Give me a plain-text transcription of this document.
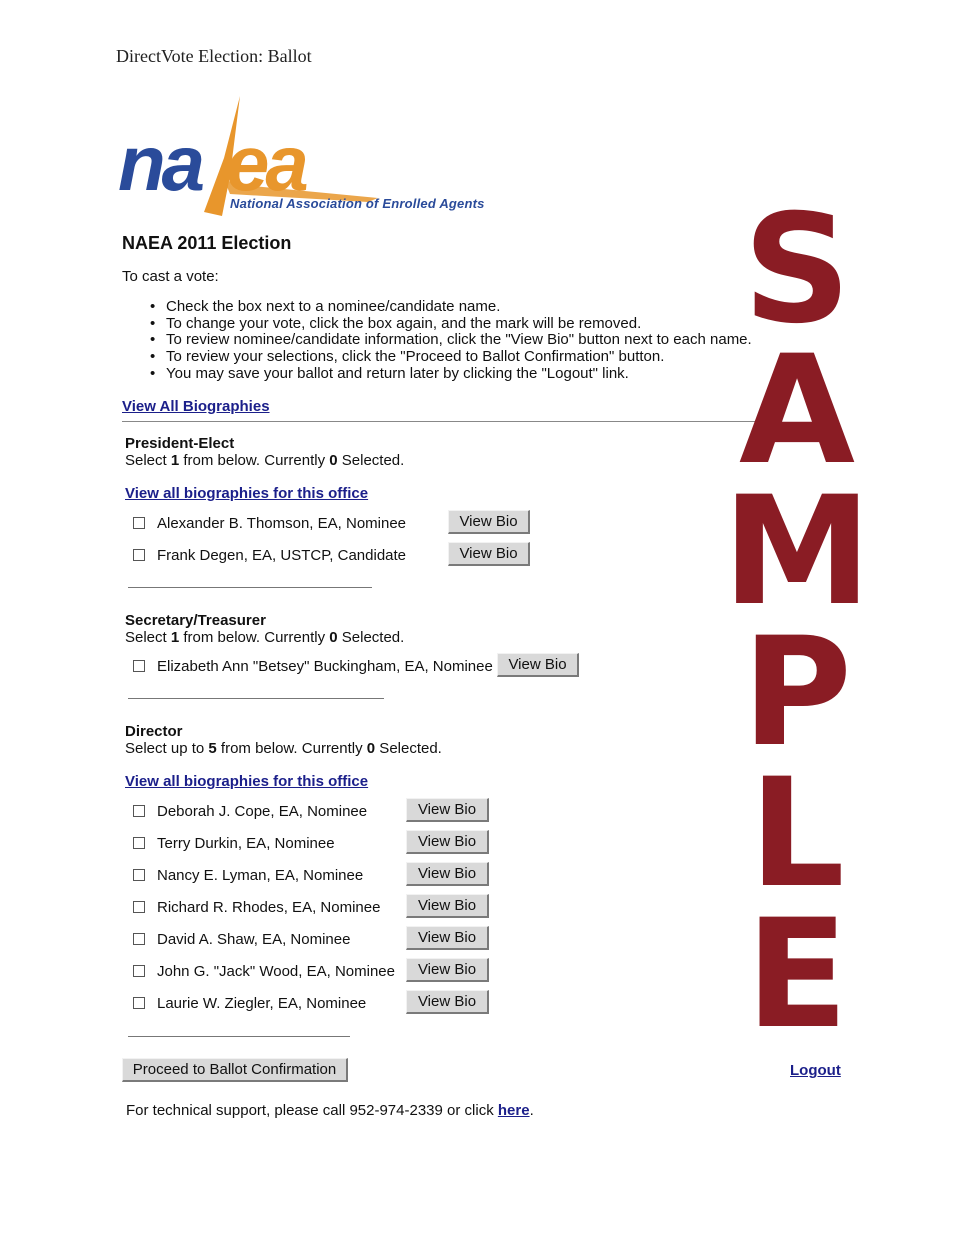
DirectVote Election: Ballot
na ea
National Association of Enrolled Agents
NAEA 2011 Election
To cast a vote:
• Check the box next to a nominee/candidate name.
• To change your vote, click the box again, and the mark will be removed.
• To review nominee/candidate information, click the "View Bio" button next to each name.
• To review your selections, click the "Proceed to Ballot Confirmation" button.
• You may save your ballot and return later by clicking the "Logout" link.
View All Biographies
President-Elect
Select 1 from below. Currently 0 Selected.
View all biographies for this office
Alexander B. Thomson, EA, Nominee	View Bio
Frank Degen, EA, USTCP, Candidate	View Bio
Secretary/Treasurer
Select 1 from below. Currently 0 Selected.
Elizabeth Ann "Betsey" Buckingham, EA, Nominee	View Bio
Director
Select up to 5 from below. Currently 0 Selected.
View all biographies for this office
Deborah J. Cope, EA, Nominee	View Bio
Terry Durkin, EA, Nominee	View Bio
Nancy E. Lyman, EA, Nominee	View Bio
Richard R. Rhodes, EA, Nominee	View Bio
David A. Shaw, EA, Nominee	View Bio
John G. "Jack" Wood, EA, Nominee	View Bio
Laurie W. Ziegler, EA, Nominee	View Bio
Proceed to Ballot Confirmation	Logout
For technical support, please call 952-974-2339 or click here.
S
A
M
P
L
E
